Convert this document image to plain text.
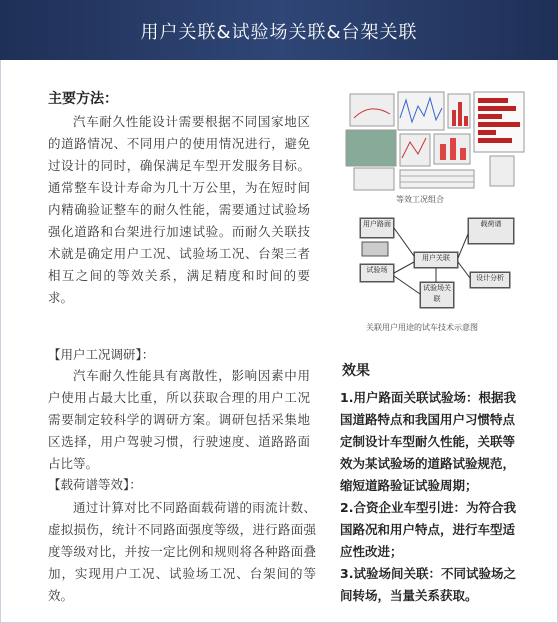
用户关联&试验场关联&台架关联
主要方法：
汽车耐久性能设计需要根据不同国家地区的道路情况、不同用户的使用情况进行，避免过设计的同时，确保满足车型开发服务目标。通常整车设计寿命为几十万公里，为在短时间内精确验证整车的耐久性能，需要通过试验场强化道路和台架进行加速试验。而耐久关联技术就是确定用户工况、试验场工况、台架三者相互之间的等效关系，满足精度和时间的要求。
等效工况组合
关联用户用途的试车技术示意图
用户路面
试验场
用户关联
载荷谱
设计分析
试验场关联
【用户工况调研】：
汽车耐久性能具有离散性，影响因素中用户使用占最大比重，所以获取合理的用户工况需要制定较科学的调研方案。调研包括采集地区选择，用户驾驶习惯，行驶速度、道路路面占比等。
【载荷谱等效】：
通过计算对比不同路面载荷谱的雨流计数、虚拟损伤，统计不同路面强度等级，进行路面强度等级对比，并按一定比例和规则将各种路面叠加，实现用户工况、试验场工况、台架间的等效。
效果
1.用户路面关联试验场：根据我国道路特点和我国用户习惯特点定制设计车型耐久性能，关联等效为某试验场的道路试验规范，缩短道路验证试验周期；
2.合资企业车型引进：为符合我国路况和用户特点，进行车型适应性改进；
3.试验场间关联：不同试验场之间转场，当量关系获取。
